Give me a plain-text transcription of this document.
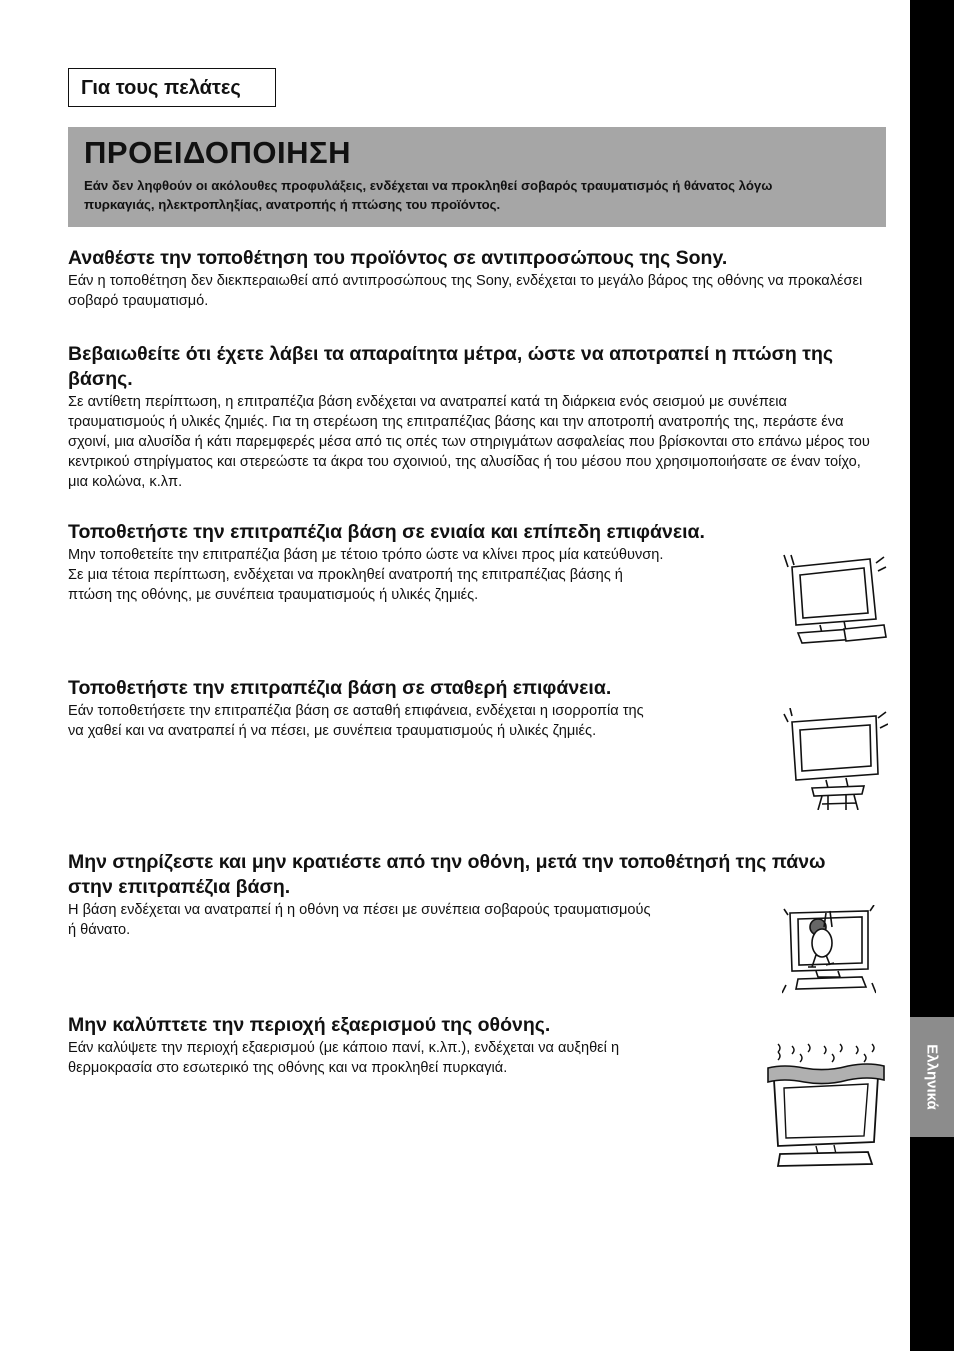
Για τους πελάτες
ΠΡΟΕΙΔΟΠΟΙΗΣΗ
Εάν δεν ληφθούν οι ακόλουθες προφυλάξεις, ενδέχεται να προκληθεί σοβαρός τραυματισμός ή θάνατος λόγω πυρκαγιάς, ηλεκτροπληξίας, ανατροπής ή πτώσης του προϊόντος.
Αναθέστε την τοποθέτηση του προϊόντος σε αντιπροσώπους της Sony.

Εάν η τοποθέτηση δεν διεκπεραιωθεί από αντιπροσώπους της Sony, ενδέχεται το μεγάλο βάρος της οθόνης να προκαλέσει σοβαρό τραυματισμό.

Βεβαιωθείτε ότι έχετε λάβει τα απαραίτητα μέτρα, ώστε να αποτραπεί η πτώση της βάσης.

Σε αντίθετη περίπτωση, η επιτραπέζια βάση ενδέχεται να ανατραπεί κατά τη διάρκεια ενός σεισμού με συνέπεια τραυματισμούς ή υλικές ζημιές. Για τη στερέωση της επιτραπέζιας βάσης και την αποτροπή ανατροπής της, περάστε ένα σχοινί, μια αλυσίδα ή κάτι παρεμφερές μέσα από τις οπές των στηριγμάτων ασφαλείας που βρίσκονται στο επάνω μέρος του κεντρικού στηρίγματος και στερεώστε τα άκρα του σχοινιού, της αλυσίδας ή του μέσου που χρησιμοποιήσατε σε έναν τοίχο, μια κολώνα, κ.λπ.

Τοποθετήστε την επιτραπέζια βάση σε ενιαία και επίπεδη επιφάνεια.

Μην τοποθετείτε την επιτραπέζια βάση με τέτοιο τρόπο ώστε να κλίνει προς μία κατεύθυνση. Σε μια τέτοια περίπτωση, ενδέχεται να προκληθεί ανατροπή της επιτραπέζιας βάσης ή πτώση της οθόνης, με συνέπεια τραυματισμούς ή υλικές ζημιές.

Τοποθετήστε την επιτραπέζια βάση σε σταθερή επιφάνεια.

Εάν τοποθετήσετε την επιτραπέζια βάση σε ασταθή επιφάνεια, ενδέχεται η ισορροπία της να χαθεί και να ανατραπεί ή να πέσει, με συνέπεια τραυματισμούς ή υλικές ζημιές.

Μην στηρίζεστε και μην κρατιέστε από την οθόνη, μετά την τοποθέτησή της πάνω στην επιτραπέζια βάση.

Η βάση ενδέχεται να ανατραπεί ή η οθόνη να πέσει με συνέπεια σοβαρούς τραυματισμούς ή θάνατο.

Μην καλύπτετε την περιοχή εξαερισμού της οθόνης.

Εάν καλύψετε την περιοχή εξαερισμού (με κάποιο πανί, κ.λπ.), ενδέχεται να αυξηθεί η θερμοκρασία στο εσωτερικό της οθόνης και να προκληθεί πυρκαγιά.	Ελληνικά
